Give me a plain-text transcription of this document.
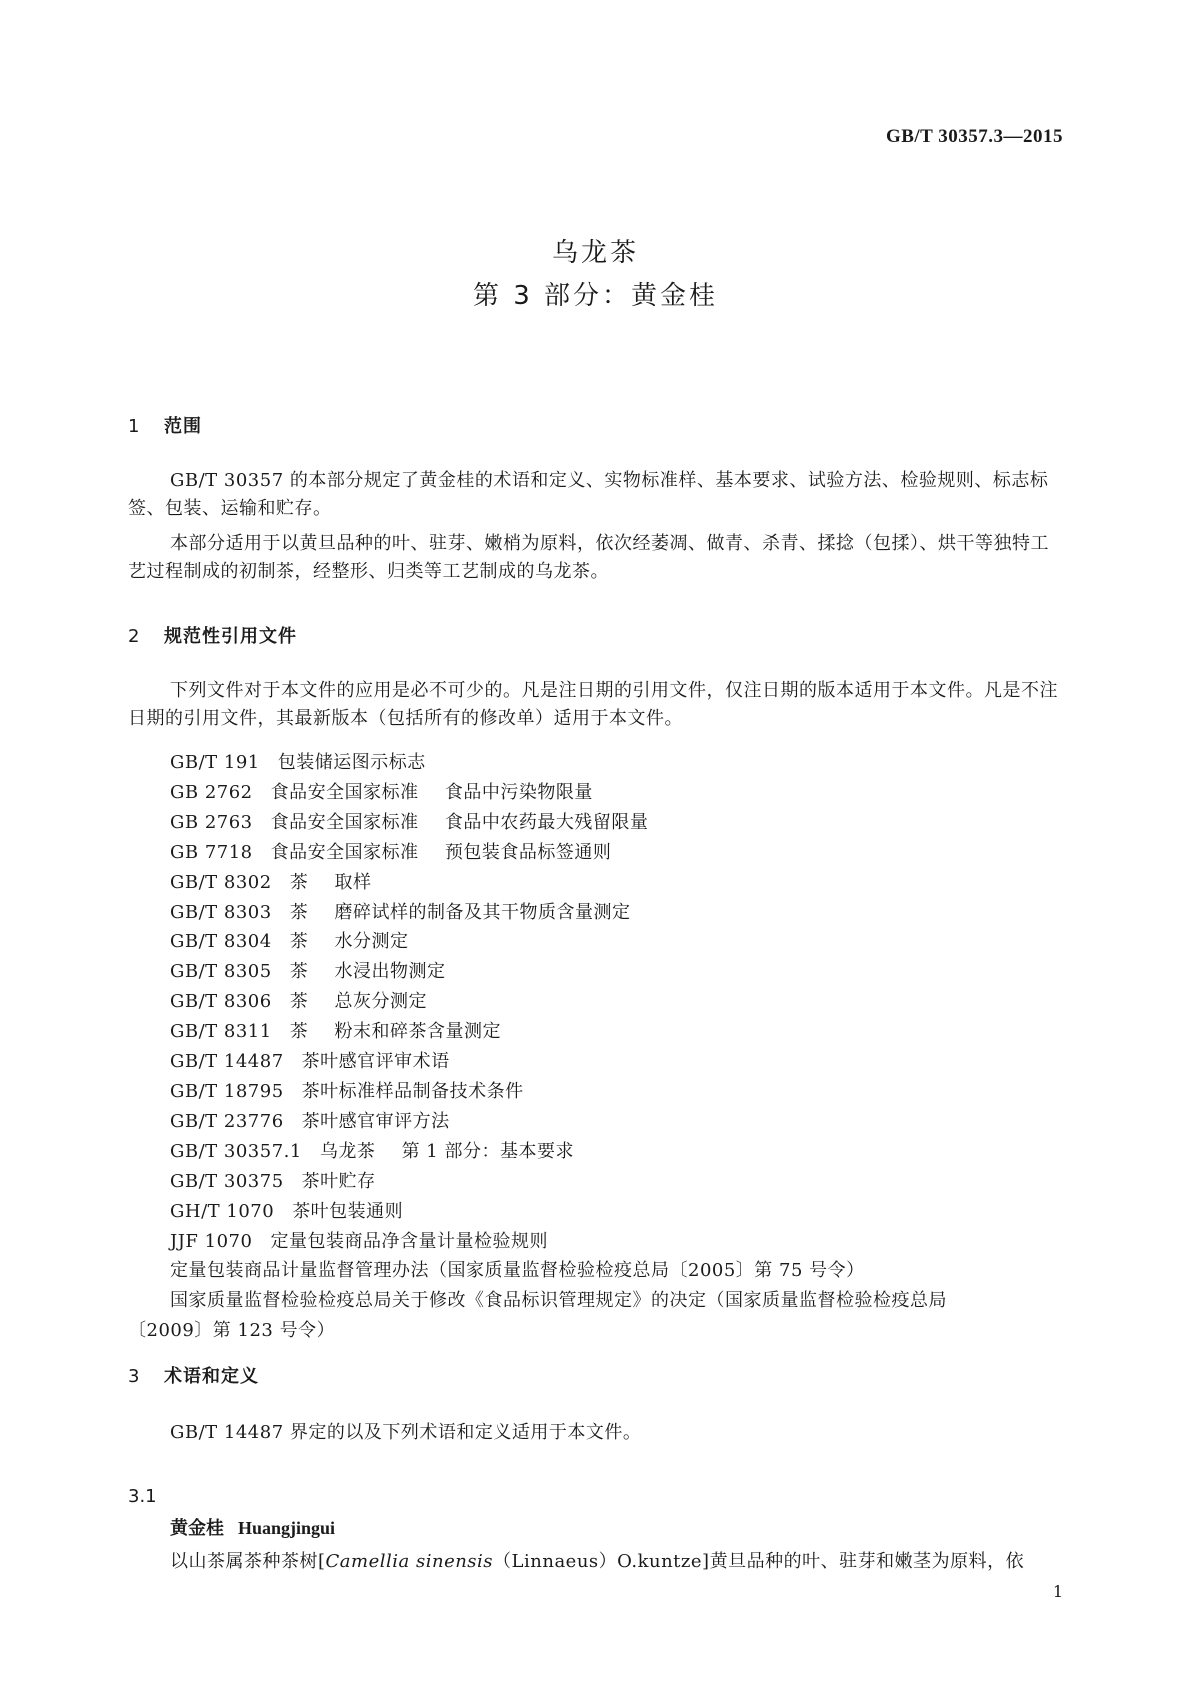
GB/T 30357.3—2015
乌龙茶
第 3 部分：黄金桂
1 范围
GB/T 30357 的本部分规定了黄金桂的术语和定义、实物标准样、基本要求、试验方法、检验规则、标志标签、包装、运输和贮存。
本部分适用于以黄旦品种的叶、驻芽、嫩梢为原料，依次经萎凋、做青、杀青、揉捻（包揉）、烘干等独特工艺过程制成的初制茶，经整形、归类等工艺制成的乌龙茶。
2 规范性引用文件
下列文件对于本文件的应用是必不可少的。凡是注日期的引用文件，仅注日期的版本适用于本文件。凡是不注日期的引用文件，其最新版本（包括所有的修改单）适用于本文件。
GB/T 191 包装储运图示标志
GB 2762 食品安全国家标准 食品中污染物限量
GB 2763 食品安全国家标准 食品中农药最大残留限量
GB 7718 食品安全国家标准 预包装食品标签通则
GB/T 8302 茶 取样
GB/T 8303 茶 磨碎试样的制备及其干物质含量测定
GB/T 8304 茶 水分测定
GB/T 8305 茶 水浸出物测定
GB/T 8306 茶 总灰分测定
GB/T 8311 茶 粉末和碎茶含量测定
GB/T 14487 茶叶感官评审术语
GB/T 18795 茶叶标准样品制备技术条件
GB/T 23776 茶叶感官审评方法
GB/T 30357.1 乌龙茶 第 1 部分：基本要求
GB/T 30375 茶叶贮存
GH/T 1070 茶叶包装通则
JJF 1070 定量包装商品净含量计量检验规则
定量包装商品计量监督管理办法（国家质量监督检验检疫总局〔2005〕第 75 号令）
国家质量监督检验检疫总局关于修改《食品标识管理规定》的决定（国家质量监督检验检疫总局
〔2009〕第 123 号令）
3 术语和定义
GB/T 14487 界定的以及下列术语和定义适用于本文件。
3.1
黄金桂 Huangjingui
以山茶属茶种茶树[Camellia sinensis（Linnaeus）O.kuntze]黄旦品种的叶、驻芽和嫩茎为原料，依
1
